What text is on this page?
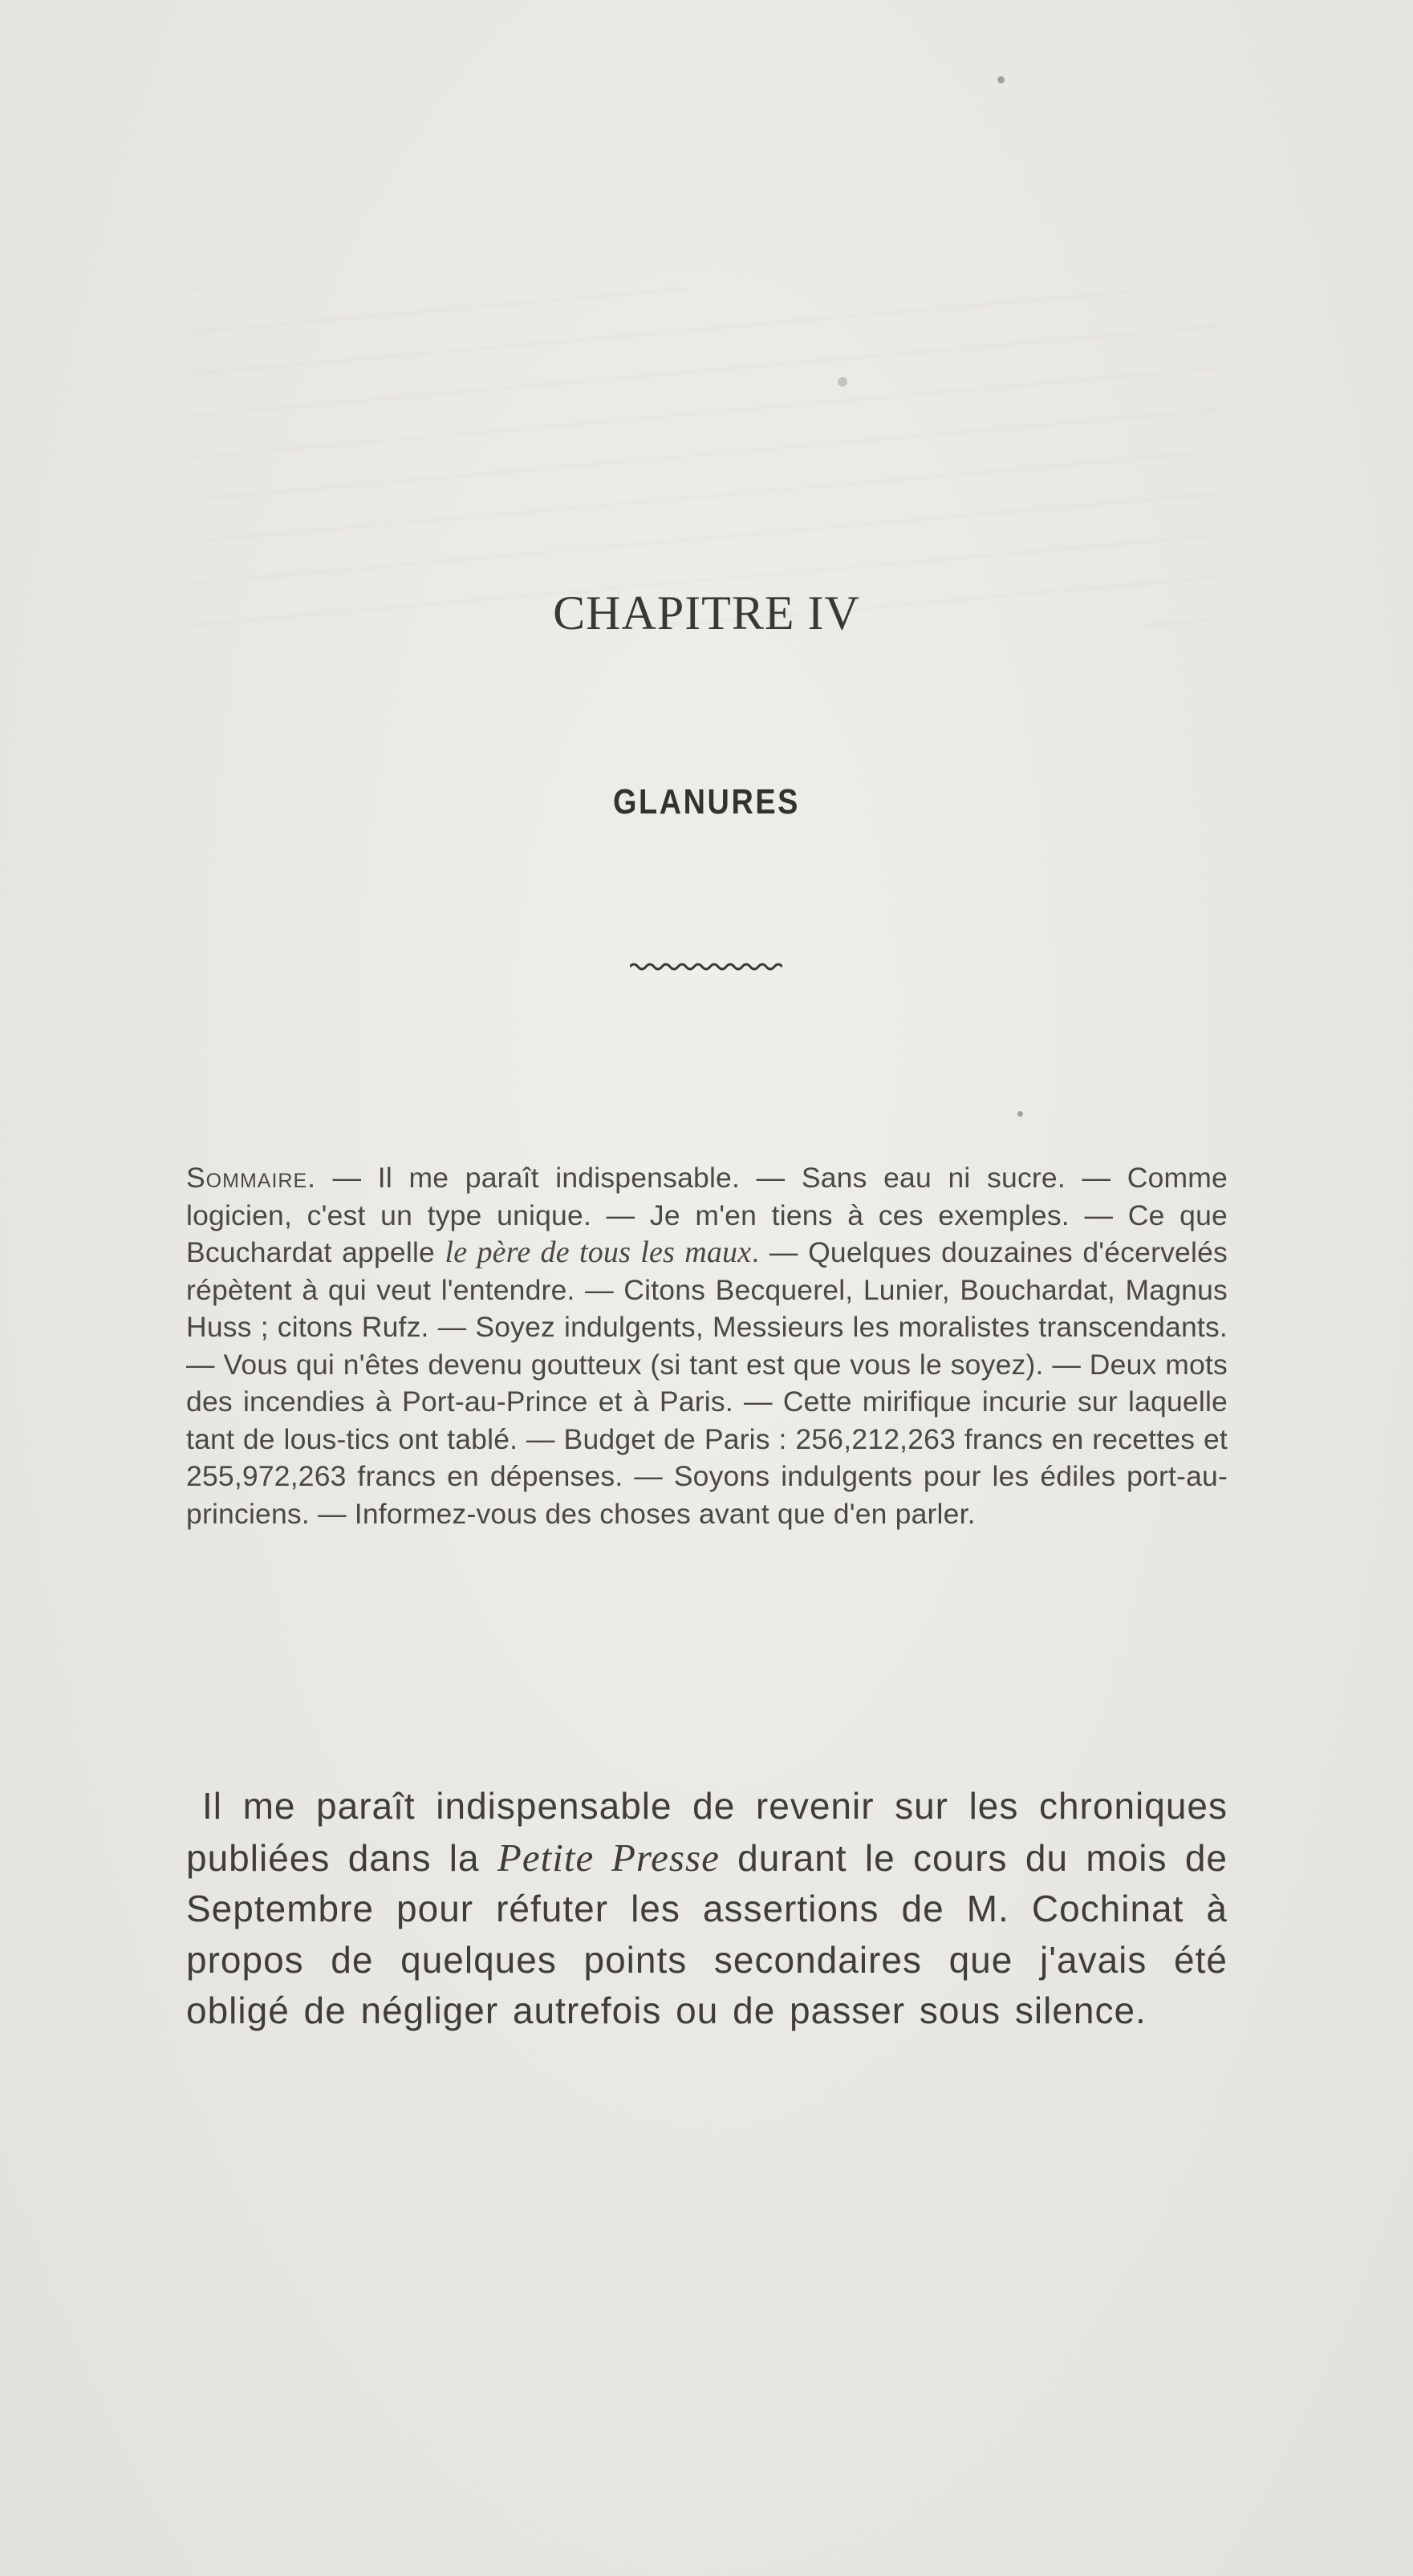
CHAPITRE IV
GLANURES
Sommaire. — Il me paraît indispensable. — Sans eau ni sucre. — Comme logicien, c'est un type unique. — Je m'en tiens à ces exemples. — Ce que Bcuchardat appelle le père de tous les maux. — Quelques douzaines d'écervelés répètent à qui veut l'entendre. — Citons Becquerel, Lunier, Bouchardat, Magnus Huss ; citons Rufz. — Soyez indulgents, Messieurs les moralistes transcendants. — Vous qui n'êtes devenu goutteux (si tant est que vous le soyez). — Deux mots des incendies à Port-au-Prince et à Paris. — Cette mirifique incurie sur laquelle tant de lous-tics ont tablé. — Budget de Paris : 256,212,263 francs en recettes et 255,972,263 francs en dépenses. — Soyons indulgents pour les édiles port-au-princiens. — Informez-vous des choses avant que d'en parler.
Il me paraît indispensable de revenir sur les chroniques publiées dans la Petite Presse durant le cours du mois de Septembre pour réfuter les assertions de M. Cochinat à propos de quelques points secondaires que j'avais été obligé de négliger autrefois ou de passer sous silence.
